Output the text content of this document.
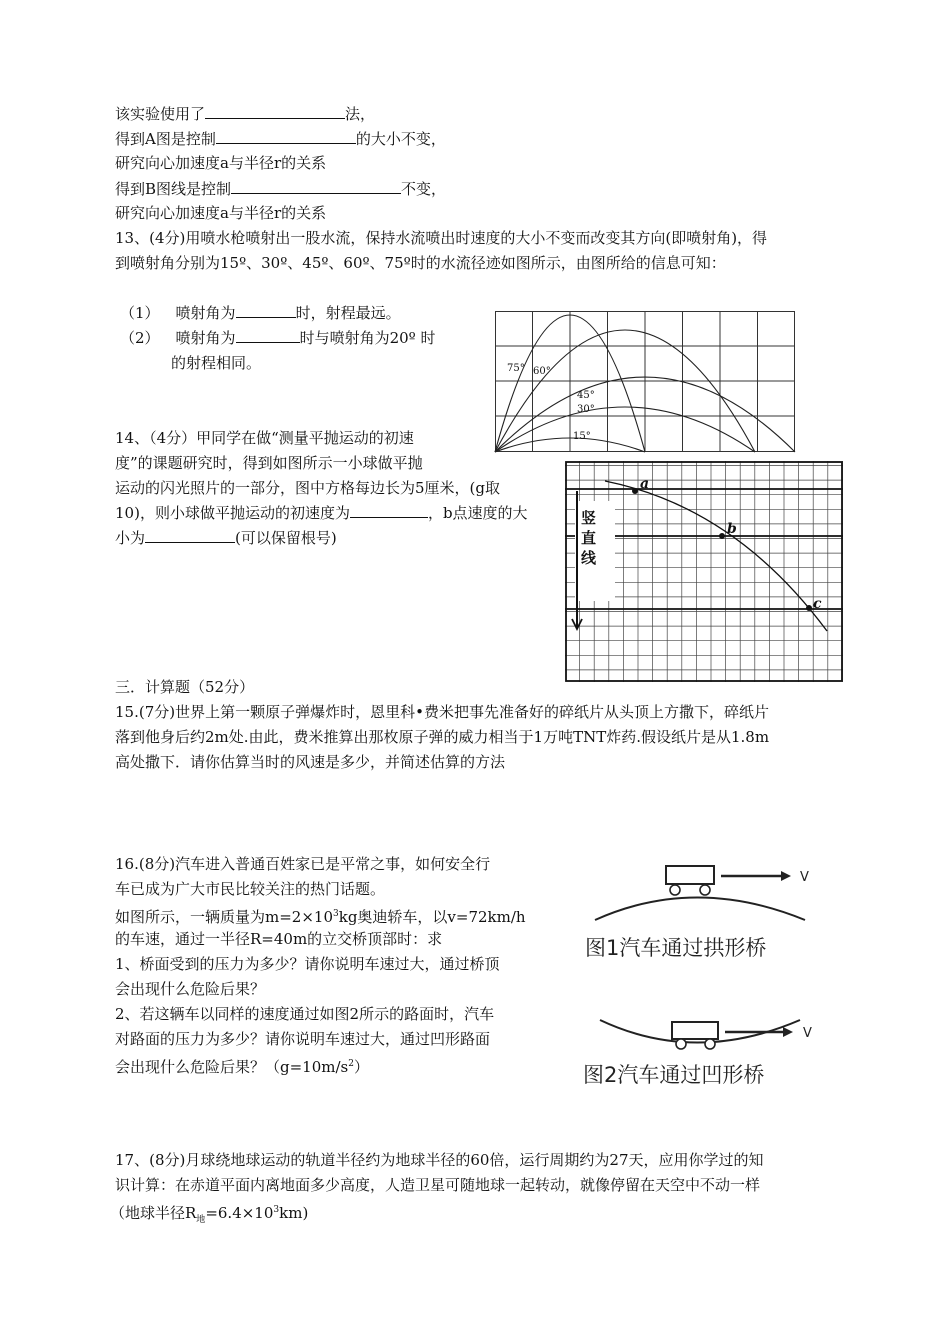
该实验使用了	法，
得到A图是控制	的大小不变，
研究向心加速度a与半径r的关系
得到B图线是控制	不变，
研究向心加速度a与半径r的关系
13、(4分)用喷水枪喷射出一股水流，保持水流喷出时速度的大小不变而改变其方向(即喷射角)，得
到喷射角分别为15º、30º、45º、60º、75º时的水流径迹如图所示，由图所给的信息可知：
（1） 喷射角为	时，射程最远。
（2） 喷射角为	时与喷射角为20º 时
的射程相同。	75° 60°
45°
30°
15°
14、（4分）甲同学在做“测量平抛运动的初速
度”的课题研究时，得到如图所示一小球做平抛
运动的闪光照片的一部分，图中方格每边长为5厘米，(g取
10)，则小球做平抛运动的初速度为	，b点速度的大
小为	(可以保留根号)
竖
直
线
a
b
c
三．计算题（52分）
15.(7分)世界上第一颗原子弹爆炸时，恩里科•费米把事先准备好的碎纸片从头顶上方撒下，碎纸片
落到他身后约2m处.由此，费米推算出那枚原子弹的威力相当于1万吨TNT炸药.假设纸片是从1.8m
高处撒下．请你估算当时的风速是多少，并简述估算的方法
16.(8分)汽车进入普通百姓家已是平常之事，如何安全行
车已成为广大市民比较关注的热门话题。
如图所示，一辆质量为$m=2\times 10^3kg$奥迪轿车，以v=72km/h
的车速，通过一半径R=40m的立交桥顶部时：求
1、桥面受到的压力为多少？请你说明车速过大，通过桥顶
会出现什么危险后果？
2、若这辆车以同样的速度通过如图2所示的路面时，汽车
对路面的压力为多少？请你说明车速过大，通过凹形路面
会出现什么危险后果？$(g=10m/s^2)$
V
图1汽车通过拱形桥
V
图2汽车通过凹形桥
17、(8分)月球绕地球运动的轨道半径约为地球半径的60倍，运行周期约为27天，应用你学过的知
识计算：在赤道平面内离地面多少高度，人造卫星可随地球一起转动，就像停留在天空中不动一样
（地球半径$R_地=6.4\times 10^3km$)
